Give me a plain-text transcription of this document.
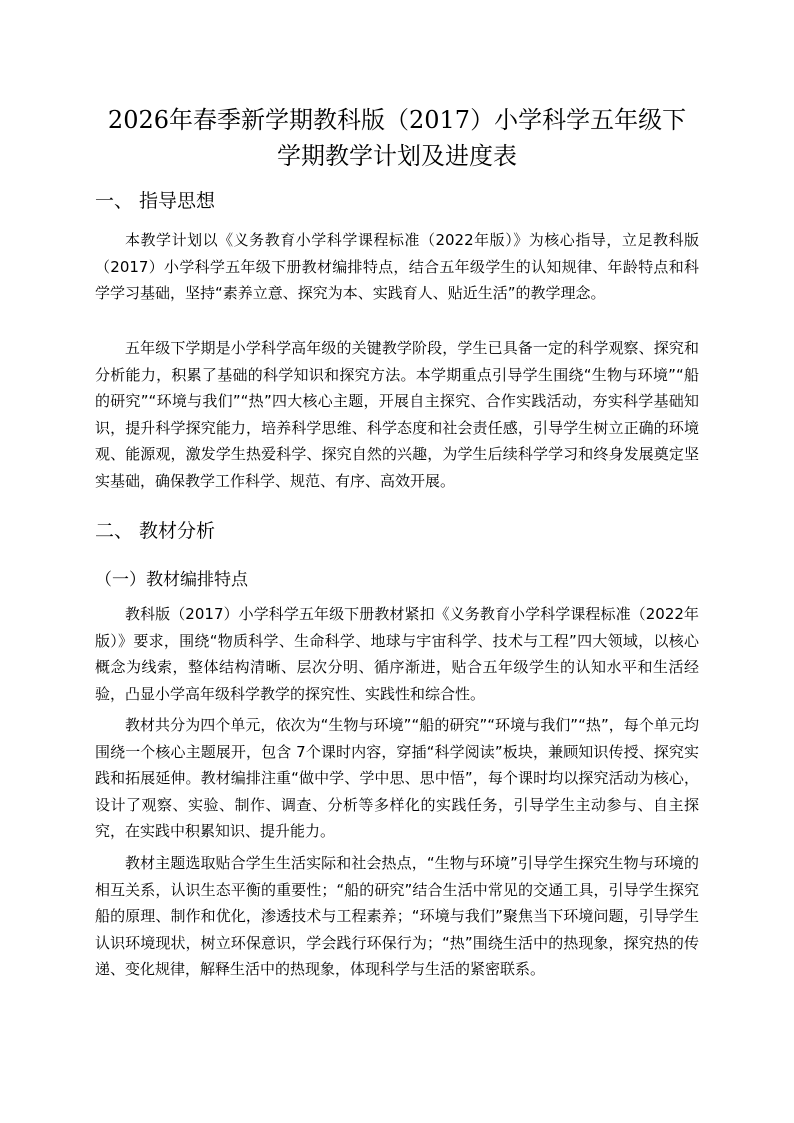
2026年春季新学期教科版（2017）小学科学五年级下学期教学计划及进度表
一、 指导思想

本教学计划以《义务教育小学科学课程标准（2022年版）》为核心指导，立足教科版（2017）小学科学五年级下册教材编排特点，结合五年级学生的认知规律、年龄特点和科学学习基础，坚持“素养立意、探究为本、实践育人、贴近生活”的教学理念。

五年级下学期是小学科学高年级的关键教学阶段，学生已具备一定的科学观察、探究和分析能力，积累了基础的科学知识和探究方法。本学期重点引导学生围绕“生物与环境”“船的研究”“环境与我们”“热”四大核心主题，开展自主探究、合作实践活动，夯实科学基础知识，提升科学探究能力，培养科学思维、科学态度和社会责任感，引导学生树立正确的环境观、能源观，激发学生热爱科学、探究自然的兴趣，为学生后续科学学习和终身发展奠定坚实基础，确保教学工作科学、规范、有序、高效开展。

二、 教材分析
（一）教材编排特点

教科版（2017）小学科学五年级下册教材紧扣《义务教育小学科学课程标准（2022年版）》要求，围绕“物质科学、生命科学、地球与宇宙科学、技术与工程”四大领域，以核心概念为线索，整体结构清晰、层次分明、循序渐进，贴合五年级学生的认知水平和生活经验，凸显小学高年级科学教学的探究性、实践性和综合性。

教材共分为四个单元，依次为“生物与环境”“船的研究”“环境与我们”“热”，每个单元均围绕一个核心主题展开，包含 7个课时内容，穿插“科学阅读”板块，兼顾知识传授、探究实践和拓展延伸。教材编排注重“做中学、学中思、思中悟”，每个课时均以探究活动为核心，设计了观察、实验、制作、调查、分析等多样化的实践任务，引导学生主动参与、自主探究，在实践中积累知识、提升能力。

教材主题选取贴合学生生活实际和社会热点，“生物与环境”引导学生探究生物与环境的相互关系，认识生态平衡的重要性；“船的研究”结合生活中常见的交通工具，引导学生探究船的原理、制作和优化，渗透技术与工程素养；“环境与我们”聚焦当下环境问题，引导学生认识环境现状，树立环保意识，学会践行环保行为；“热”围绕生活中的热现象，探究热的传递、变化规律，解释生活中的热现象，体现科学与生活的紧密联系。
